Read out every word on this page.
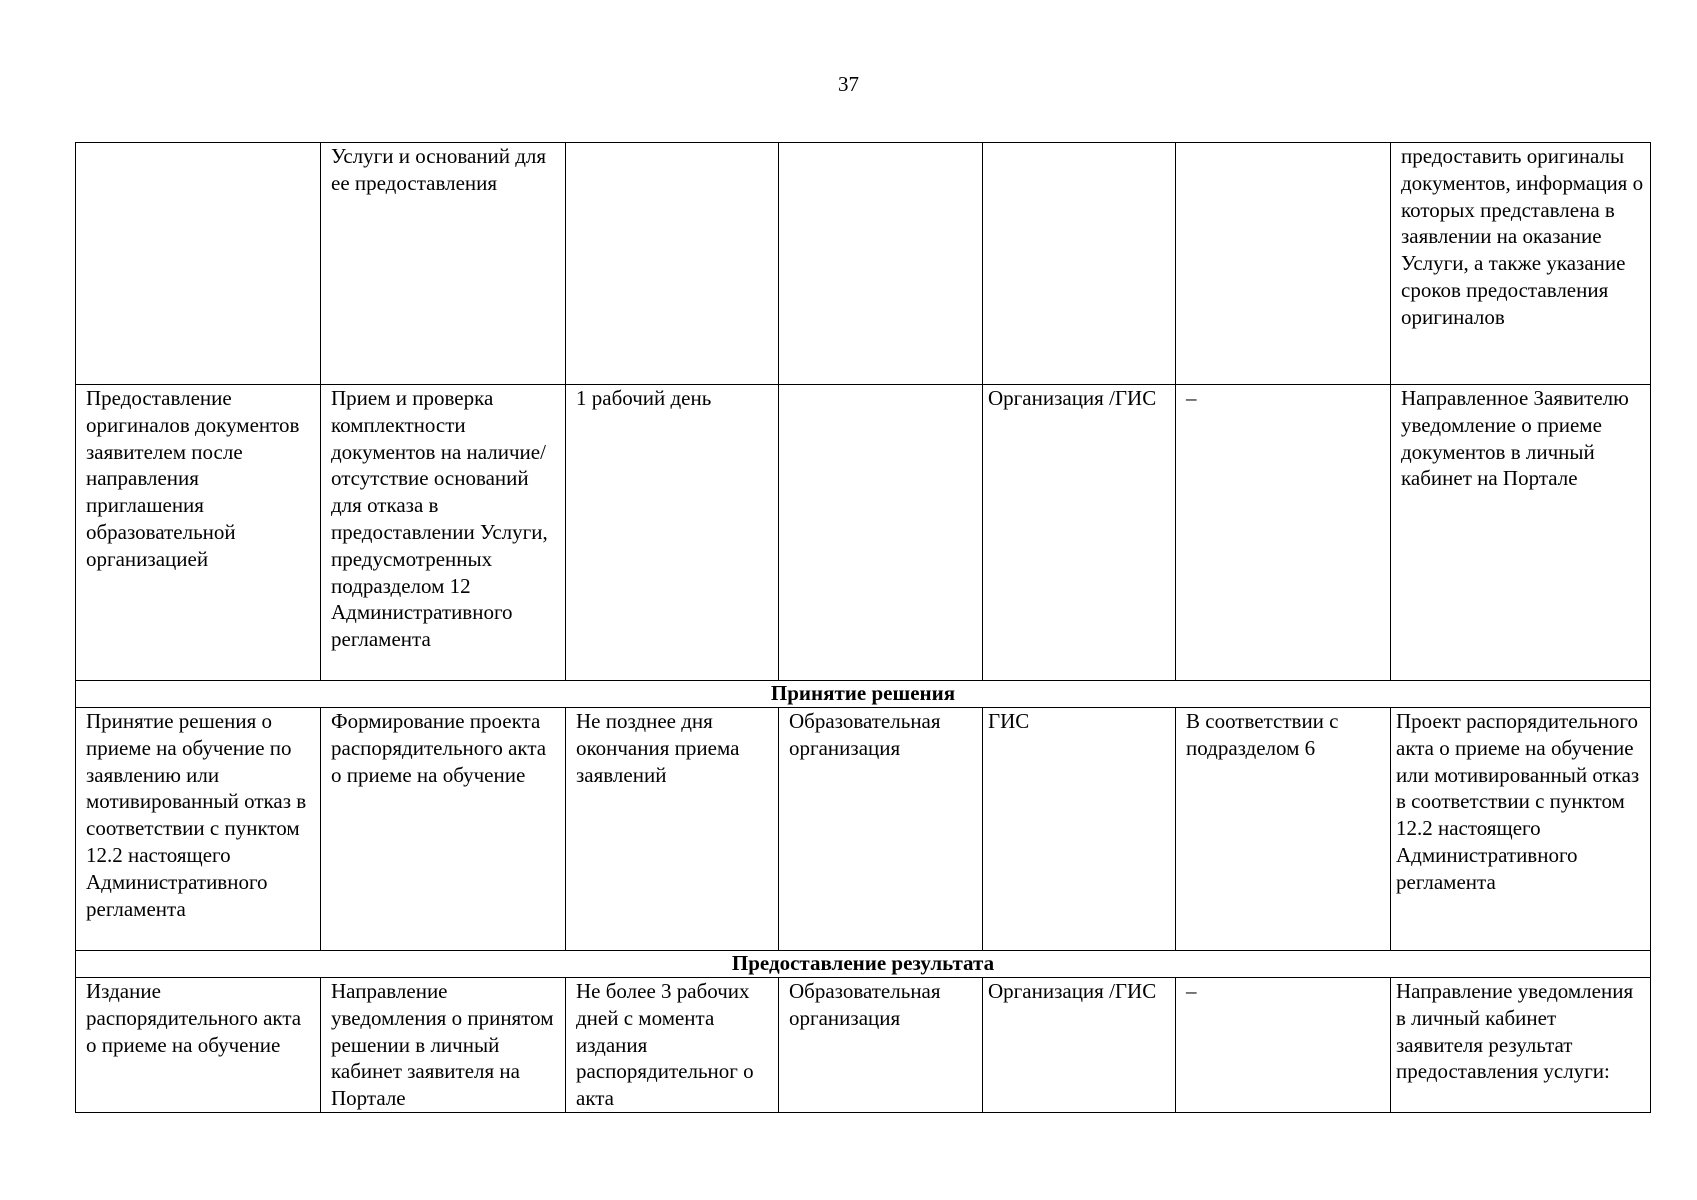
37

	Услуги и оснований для ее предоставления					предоставить оригиналы документов, информация о которых представлена в заявлении на оказание Услуги, а также указание сроков предоставления оригиналов

Предоставление оригиналов документов заявителем после направления приглашения образовательной организацией	Прием и проверка комплектности документов на наличие/отсутствие оснований для отказа в предоставлении Услуги, предусмотренных подразделом 12 Административного регламента	1 рабочий день		Организация /ГИС	–	Направленное Заявителю уведомление о приеме документов в личный кабинет на Портале

Принятие решения						

Принятие решения о приеме на обучение по заявлению или мотивированный отказ в соответствии с пунктом 12.2 настоящего Административного регламента	Формирование проекта распорядительного акта о приеме на обучение	Не позднее дня окончания приема заявлений	Образовательная организация	ГИС	В соответствии с подразделом 6	Проект распорядительного акта о приеме на обучение или мотивированный отказ в соответствии с пунктом 12.2 настоящего Административного регламента

Предоставление результата						

Издание распорядительного акта о приеме на обучение	Направление уведомления о принятом решении в личный кабинет заявителя на Портале	Не более 3 рабочих дней с момента издания распорядительног о акта	Образовательная организация	Организация /ГИС	–	Направление уведомления в личный кабинет заявителя результат предоставления услуги:
